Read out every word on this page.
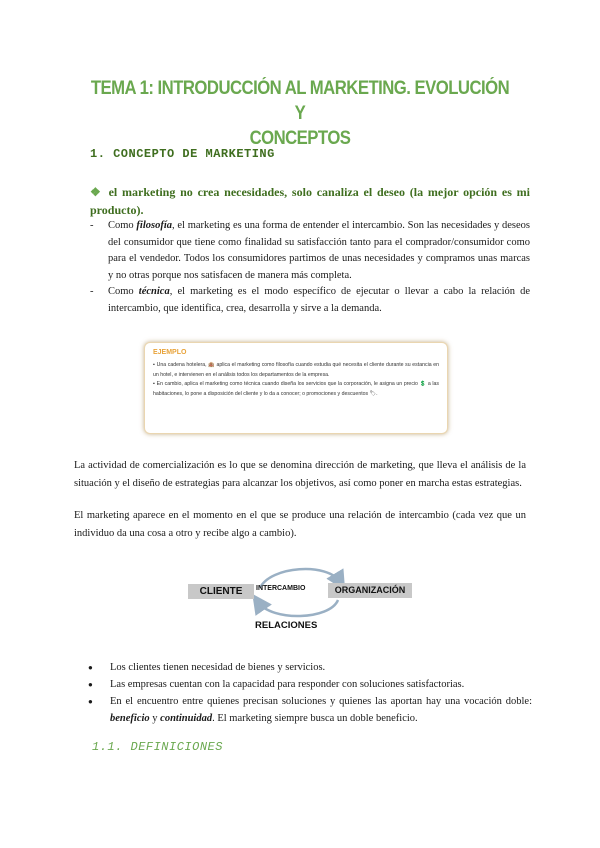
TEMA 1: INTRODUCCIÓN AL MARKETING. EVOLUCIÓN Y
CONCEPTOS
1. CONCEPTO DE MARKETING
❖ el marketing no crea necesidades, solo canaliza el deseo (la mejor opción es mi producto).
- Como filosofía, el marketing es una forma de entender el intercambio. Son las necesidades y deseos del consumidor que tiene como finalidad su satisfacción tanto para el comprador/consumidor como para el vendedor. Todos los consumidores partimos de unas necesidades y compramos unas marcas y no otras porque nos satisfacen de manera más completa.
- Como técnica, el marketing es el modo específico de ejecutar o llevar a cabo la relación de intercambio, que identifica, crea, desarrolla y sirve a la demanda.
EJEMPLO

▪ Una cadena hotelera, 🏨 aplica el marketing como filosofía cuando estudia qué necesita el cliente durante su estancia en un hotel, e intervienen en el análisis todos los departamentos de la empresa.

▪ En cambio, aplica el marketing como técnica cuando diseña los servicios que la corporación, le asigna un precio 💲 a las habitaciones, lo pone a disposición del cliente y lo da a conocer; o promociones y descuentos 🏷.

La actividad de comercialización es lo que se denomina dirección de marketing, que lleva el análisis de la situación y el diseño de estrategias para alcanzar los objetivos, así como poner en marcha estas estrategias.
El marketing aparece en el momento en el que se produce una relación de intercambio (cada vez que un individuo da una cosa a otro y recibe algo a cambio).
CLIENTE	INTERCAMBIO	ORGANIZACIÓN
RELACIONES
● Los clientes tienen necesidad de bienes y servicios.
● Las empresas cuentan con la capacidad para responder con soluciones satisfactorias.
● En el encuentro entre quienes precisan soluciones y quienes las aportan hay una vocación doble: beneficio y continuidad. El marketing siempre busca un doble beneficio.
1.1. DEFINICIONES
